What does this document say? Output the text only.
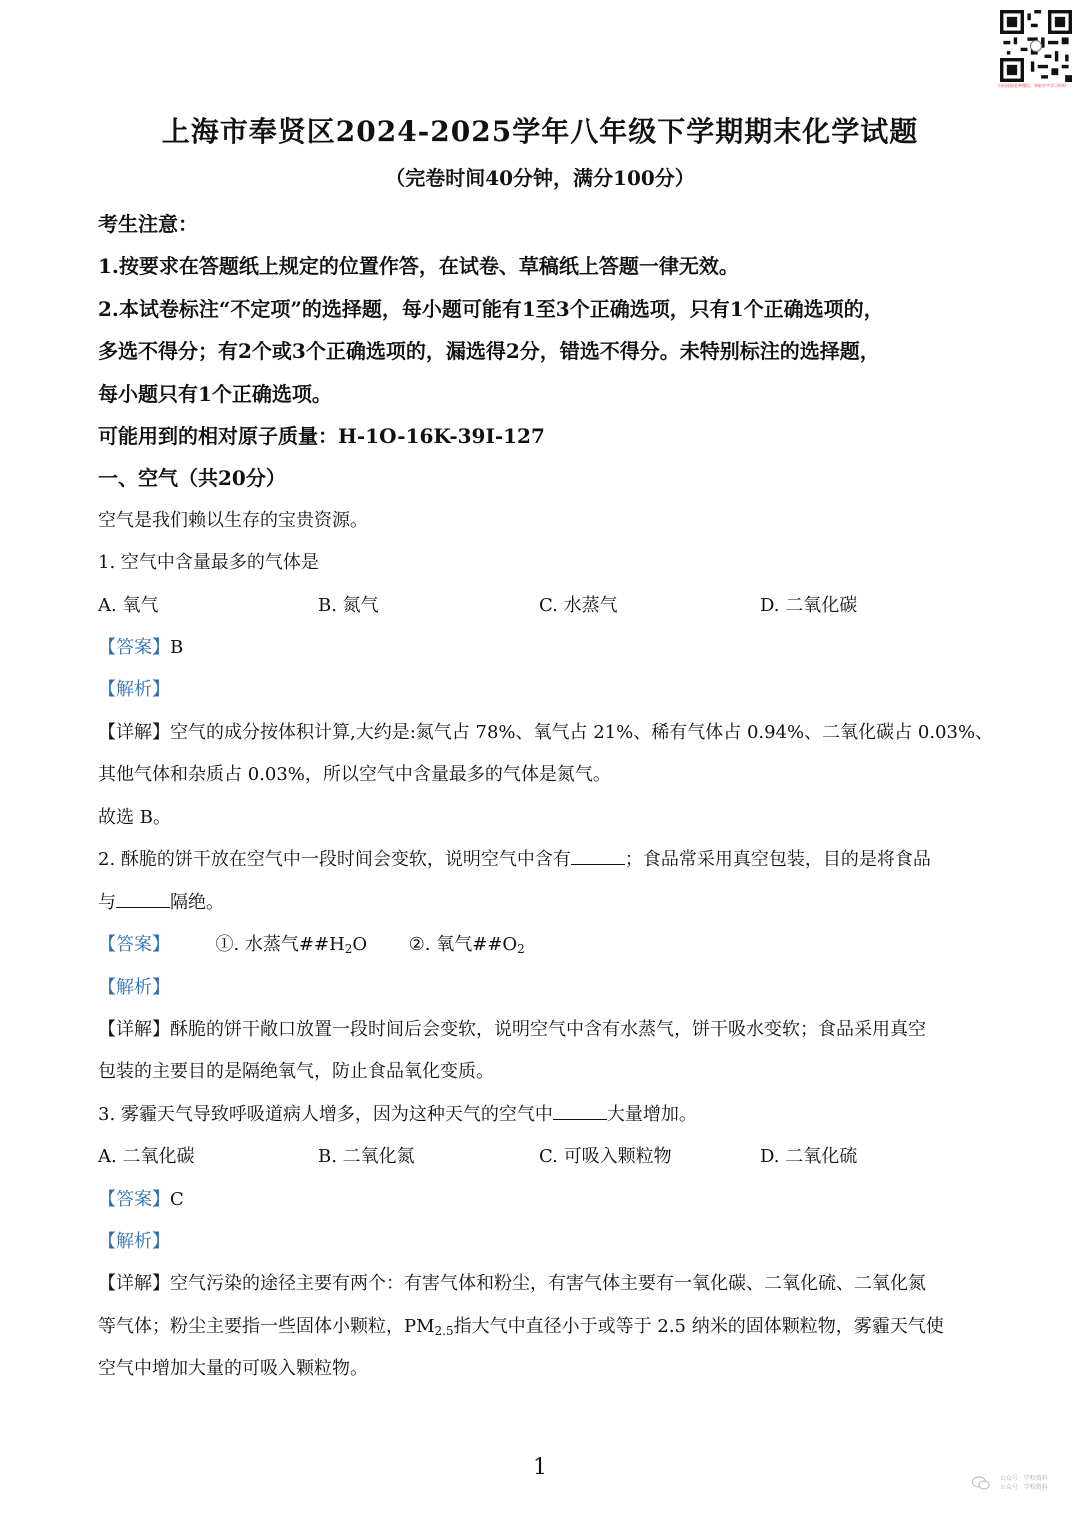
扫码添加老师微信，领取更多学习资料
上海市奉贤区2024-2025学年八年级下学期期末化学试题
（完卷时间40分钟，满分100分）
考生注意：
1.按要求在答题纸上规定的位置作答，在试卷、草稿纸上答题一律无效。
2.本试卷标注“不定项”的选择题，每小题可能有1至3个正确选项，只有1个正确选项的，
多选不得分；有2个或3个正确选项的，漏选得2分，错选不得分。未特别标注的选择题，
每小题只有1个正确选项。
可能用到的相对原子质量：H-1O-16K-39I-127
一、空气（共20分）
空气是我们赖以生存的宝贵资源。
1. 空气中含量最多的气体是
A. 氧气	B. 氮气	C. 水蒸气	D. 二氧化碳
【答案】B
【解析】
【详解】空气的成分按体积计算,大约是:氮气占 78%、氧气占 21%、稀有气体占 0.94%、二氧化碳占 0.03%、
其他气体和杂质占 0.03%，所以空气中含量最多的气体是氮气。
故选 B。
2. 酥脆的饼干放在空气中一段时间会变软，说明空气中含有	；食品常采用真空包装，目的是将食品
与	隔绝。
【答案】	①. 水蒸气$\#\#H_2O$ ②. 氧气$\#\#O_2$
【解析】
【详解】酥脆的饼干敞口放置一段时间后会变软，说明空气中含有水蒸气，饼干吸水变软；食品采用真空
包装的主要目的是隔绝氧气，防止食品氧化变质。
3. 雾霾天气导致呼吸道病人增多，因为这种天气的空气中	大量增加。
A. 二氧化碳	B. 二氧化氮	C. 可吸入颗粒物	D. 二氧化硫
【答案】C
【解析】
【详解】空气污染的途径主要有两个：有害气体和粉尘，有害气体主要有一氧化碳、二氧化硫、二氧化氮
等气体；粉尘主要指一些固体小颗粒，$PM_{2.5}$指大气中直径小于或等于 2.5 纳米的固体颗粒物，雾霾天气使
空气中增加大量的可吸入颗粒物。
1	公众号 · 学校资料
公众号 · 学校资料
